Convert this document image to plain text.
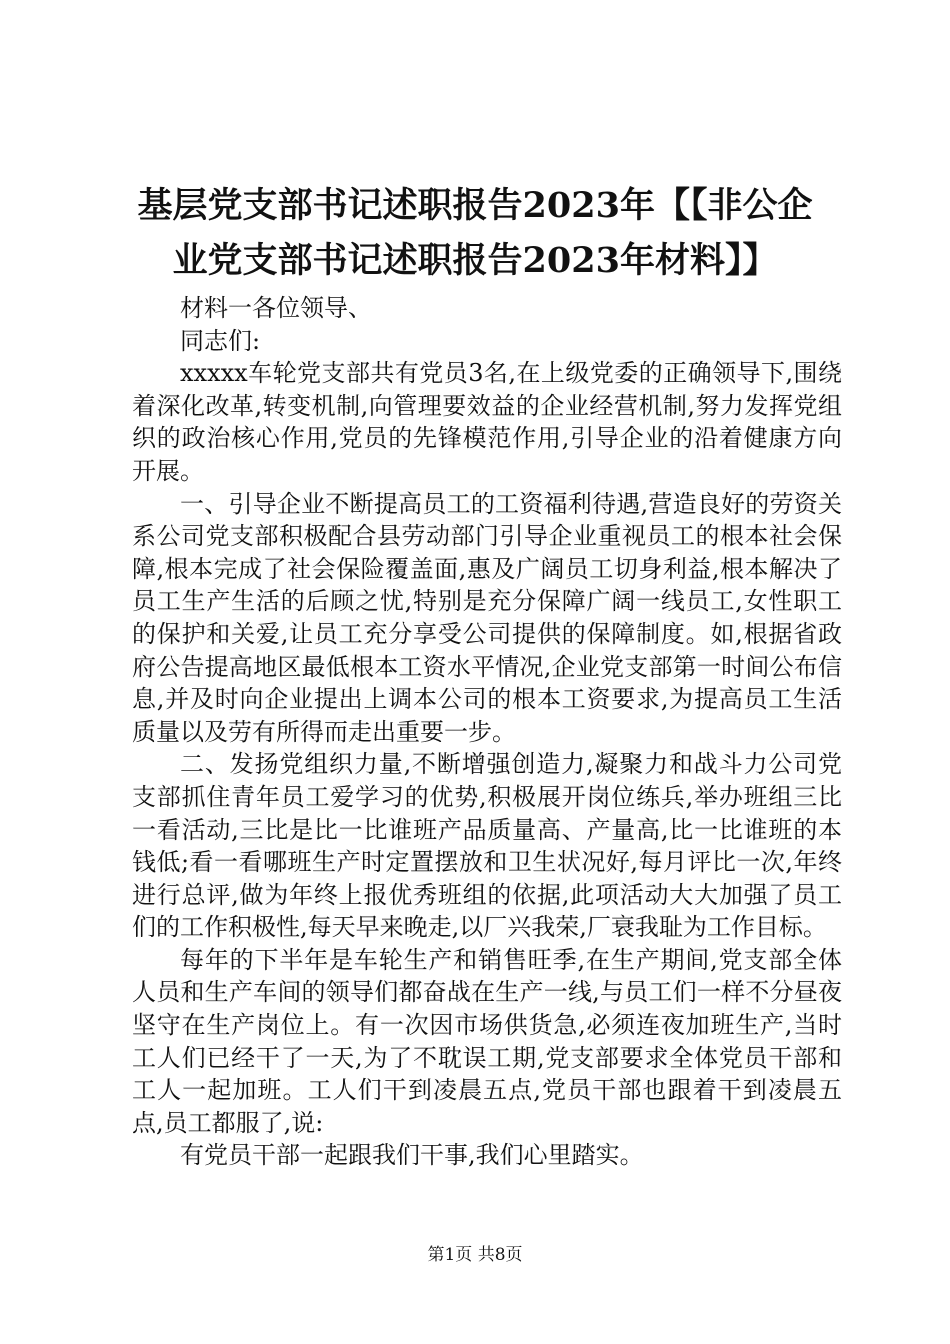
基层党支部书记述职报告2023年【【非公企
业党支部书记述职报告2023年材料】】

材料一各位领导、

同志们:

xxxxx车轮党支部共有党员3名,在上级党委的正确领导下,围绕着深化改革,转变机制,向管理要效益的企业经营机制,努力发挥党组织的政治核心作用,党员的先锋模范作用,引导企业的沿着健康方向开展。

一、引导企业不断提高员工的工资福利待遇,营造良好的劳资关系公司党支部积极配合县劳动部门引导企业重视员工的根本社会保障,根本完成了社会保险覆盖面,惠及广阔员工切身利益,根本解决了员工生产生活的后顾之忧,特别是充分保障广阔一线员工,女性职工的保护和关爱,让员工充分享受公司提供的保障制度。如,根据省政府公告提高地区最低根本工资水平情况,企业党支部第一时间公布信息,并及时向企业提出上调本公司的根本工资要求,为提高员工生活质量以及劳有所得而走出重要一步。

二、发扬党组织力量,不断增强创造力,凝聚力和战斗力公司党支部抓住青年员工爱学习的优势,积极展开岗位练兵,举办班组三比一看活动,三比是比一比谁班产品质量高、产量高,比一比谁班的本钱低;看一看哪班生产时定置摆放和卫生状况好,每月评比一次,年终进行总评,做为年终上报优秀班组的依据,此项活动大大加强了员工们的工作积极性,每天早来晚走,以厂兴我荣,厂衰我耻为工作目标。

每年的下半年是车轮生产和销售旺季,在生产期间,党支部全体人员和生产车间的领导们都奋战在生产一线,与员工们一样不分昼夜坚守在生产岗位上。有一次因市场供货急,必须连夜加班生产,当时工人们已经干了一天,为了不耽误工期,党支部要求全体党员干部和工人一起加班。工人们干到凌晨五点,党员干部也跟着干到凌晨五点,员工都服了,说:

有党员干部一起跟我们干事,我们心里踏实。

第1页 共8页
